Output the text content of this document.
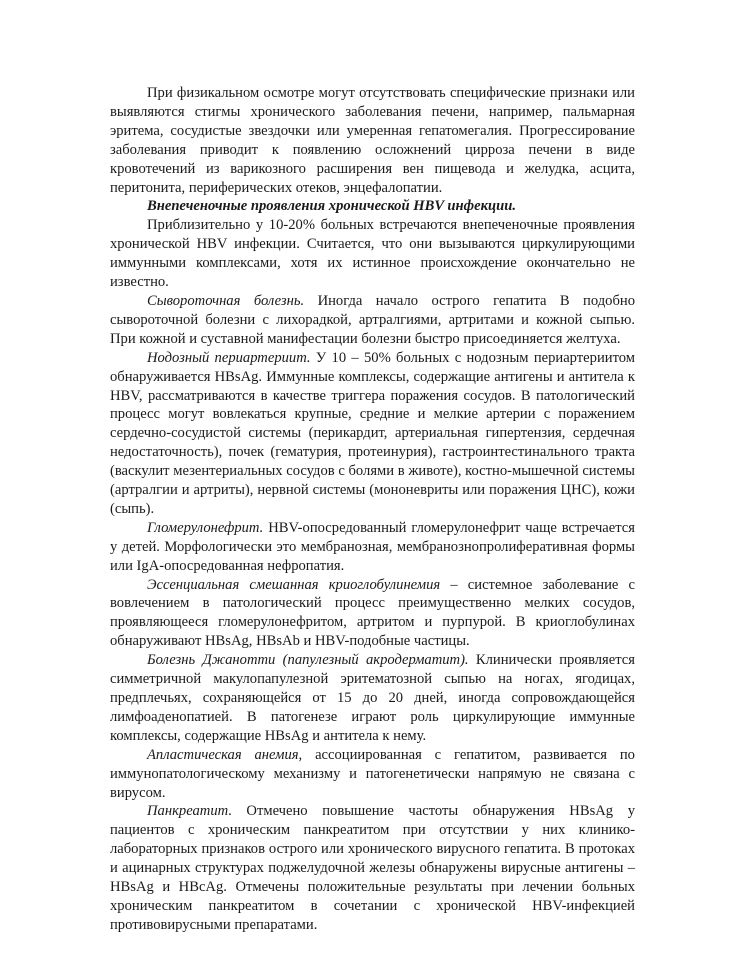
При физикальном осмотре могут отсутствовать специфические признаки или выявляются стигмы хронического заболевания печени, например, пальмарная эритема, сосудистые звездочки или умеренная гепатомегалия. Прогрессирование заболевания приводит к появлению осложнений цирроза печени в виде кровотечений из варикозного расширения вен пищевода и желудка, асцита, перитонита, периферических отеков, энцефалопатии.

Внепеченочные проявления хронической HBV инфекции.

Приблизительно у 10-20% больных встречаются внепеченочные проявления хронической HBV инфекции. Считается, что они вызываются циркулирующими иммунными комплексами, хотя их истинное происхождение окончательно не известно.

Сывороточная болезнь. Иногда начало острого гепатита В подобно сывороточной болезни с лихорадкой, артралгиями, артритами и кожной сыпью. При кожной и суставной манифестации болезни быстро присоединяется желтуха.

Нодозный периартериит. У 10 – 50% больных с нодозным периартериитом обнаруживается HBsAg. Иммунные комплексы, содержащие антигены и антитела к HBV, рассматриваются в качестве триггера поражения сосудов. В патологический процесс могут вовлекаться крупные, средние и мелкие артерии с поражением сердечно-сосудистой системы (перикардит, артериальная гипертензия, сердечная недостаточность), почек (гематурия, протеинурия), гастроинтестинального тракта (васкулит мезентериальных сосудов с болями в животе), костно-мышечной системы (артралгии и артриты), нервной системы (мононевриты или поражения ЦНС), кожи (сыпь).

Гломерулонефрит. HBV-опосредованный гломерулонефрит чаще встречается у детей. Морфологически это мембранозная, мембранознопролиферативная формы или IgA-опосредованная нефропатия.

Эссенциальная смешанная криоглобулинемия – системное заболевание с вовлечением в патологический процесс преимущественно мелких сосудов, проявляющееся гломерулонефритом, артритом и пурпурой. В криоглобулинах обнаруживают HBsAg, HBsAb и HBV-подобные частицы.

Болезнь Джанотти (папулезный акродерматит). Клинически проявляется симметричной макулопапулезной эритематозной сыпью на ногах, ягодицах, предплечьях, сохраняющейся от 15 до 20 дней, иногда сопровождающейся лимфоаденопатией. В патогенезе играют роль циркулирующие иммунные комплексы, содержащие HBsAg и антитела к нему.

Апластическая анемия, ассоциированная с гепатитом, развивается по иммунопатологическому механизму и патогенетически напрямую не связана с вирусом.

Панкреатит. Отмечено повышение частоты обнаружения HBsAg у пациентов с хроническим панкреатитом при отсутствии у них клинико-лабораторных признаков острого или хронического вирусного гепатита. В протоках и ацинарных структурах поджелудочной железы обнаружены вирусные антигены – HBsAg и HBcAg. Отмечены положительные результаты при лечении больных хроническим панкреатитом в сочетании с хронической HBV-инфекцией противовирусными препаратами.
